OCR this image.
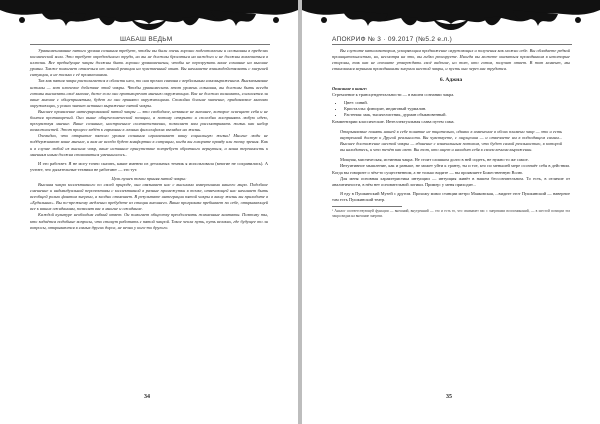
ШАБАШ ВЕДЬМ

Уравновешивание пятого уровня сознания требует, чтобы вы были очень хорошо подготовлены и осознанны в пределах космической воли. Это требует определённого труда, но вы не должны бросаться на каждого и не должны вовлекаться в иллюзии. Все предыдущие чакры должны быть хорошо уравновешены, чтобы не перегрузить ваше сознание на высшие уровни. Также помогает отвлечься от личной реакции на чувственный опыт. Вы начинаете взаимодействовать с энергией ситуации, а не только с её проявлениями.

Так как пятая чакра располагается в области шеи, то она прочно связана с вербальным самовыражением. Высказывание истины — вот ключевое действие этой чакры. Чтобы уравновесить этот уровень сознания, вы должны быть всегда готовы высказать своё мнение, даже если оно противоречит мнению окружающих. Вас не должно волновать, согласятся ли ваше мнение с общепринятым, будет ли оно принято окружающими. Спокойно больше значение, придаваемое мнению окружающих, у ровно значит истинно выражение пятой чакры.

Высшее проявление интегрированной пятой чакры — это свободное, незваное не внешнее, которое освещает себя и не боится противоречий. Оно выше общечеловеческой позиции, а потому открыто и способно воспринять любую идею, прочувствуя мнение. Ваше сознание, настроенное соответственно, позволяет вам рассматривать жизнь как набор возможностей. Этот процесс ведёт к гармонии в личных философских взглядах на жизнь.

Очевидно, что открытие пятого уровня сознания ограничивает вашу социальную жизнь! Многие люди не поддерживают ваше мнение, и вам не всегда будет комфортно в ситуации, когда вы говорите правду или точку зрения. Как и в случае любой из высших чакр, ваше истинное присутствие потребует обратного вернуться, а ваша терпимость к мнениям иным должна становиться уменьшилось..

И это работает. Я не могу точно сказать, какие именно из детальных техник я использовала (многие не сохранились). А учтите, что дыхательные техники не работают — это тут.

Цель пушек точки приняя пятой чакры:

Высшая чакра коллективного по своей природе, она связывает нас с высшими измерениями нашего мира. Подобное смешение и индивидуальной перспективы с коллективной в разные промежутки в точке, отвечающей нас начинает быть всеобщей ролью фантом энергии, а заодно отменяет. В результате интеграции пятой чакры в вашу жизнь вы приходите в «Будильник». Вы по-прежнему медленно пребудете из стации внешнего. Ваша программа пребывает по себе, открывающей все к ваших ожиданиям, позволят вас в многие и ожидание.

Каждой культуре необходим гибкий ответ. Он помогает обществу преодолевать жизненные кантаты. Поэтому ты, кто задаётся подобные вопросы, что станут работать с пятой чакрой. Такое чекла путь, путь великих, где будущее то ли вопросы, открываются в самых других дорог, не вечно у кого-то другого.

34
АПОКРИФ № 3 · 09.2017 (№5.2 е.л.)

Вы служите катализатором, ускоряющим продвижение окружающих и получения как можно себе. Вы обладаете редкой проницательностью, но, несмотря на это, вы гибко реагируете. Иногда вы можете оказаться проводником в некоторые стороны, так как не спешите утверждать своё видение, но тот, кто готов, получит ответ. В тот момент, мы становимся верными проводниками энергии шестой чакры, и пусть она через нас трудится.

6. Аджна

Описание в книге:

Стремление к трансцендентальности — в вашем сознании чакра.

• Цвет: синий.
• Кристаллы: флюорит, индиговый турмалин.
• Растения: мак, тысячелистник, дурман обыкновенный.

Комментарии классические. Интеллектуальная слава путем сама.

Открываемые понять нашей в себе понятие не тщательно, однако в изменение в обоих пламени чакр — это и есть внутренний доступ к Другой реальности. Вы чувствуете, с ощущения — и отвечаете им в подходящем самим... Высшее достижение шестой чакры — единение с изначальным потоком, что будет самой реальностью, в которой вы находитесь, и что течёт как свет. Вы тот, кто ищет и находит себя в своем вечном выражении.

Мощная, мистическая, истинная чакра. Не стоит слишком долго в ней сидеть, не нужно то же самое.

Интуитивное мышление, как и раньше, не может уйти к гранту, ты и тот, кто по меньшей мере осознаёт себя в действии. Когда вы говорите о чём-то существенном, а не только видите — вы проявляете Божественную Волю.

Для меня основная характеристика интуиции — интуиция живёт в нашем бессознательном. То есть, в отличие от аналитичности, в нём нет основательной логики. Пример: у меня приходит...

Я еду в Пушкинский Музей с другом. Прохожу мимо станции метро Маяковская, ...видите этот Пушкинский — наверное там есть Пушкинский театр.

¹ Аналог соответствующей функции — внешний, внутренний — это и есть то, что связывает вас с энергиями воспоминаний, — в шестой позиции эта чакра видна на внешние энергии.

35
